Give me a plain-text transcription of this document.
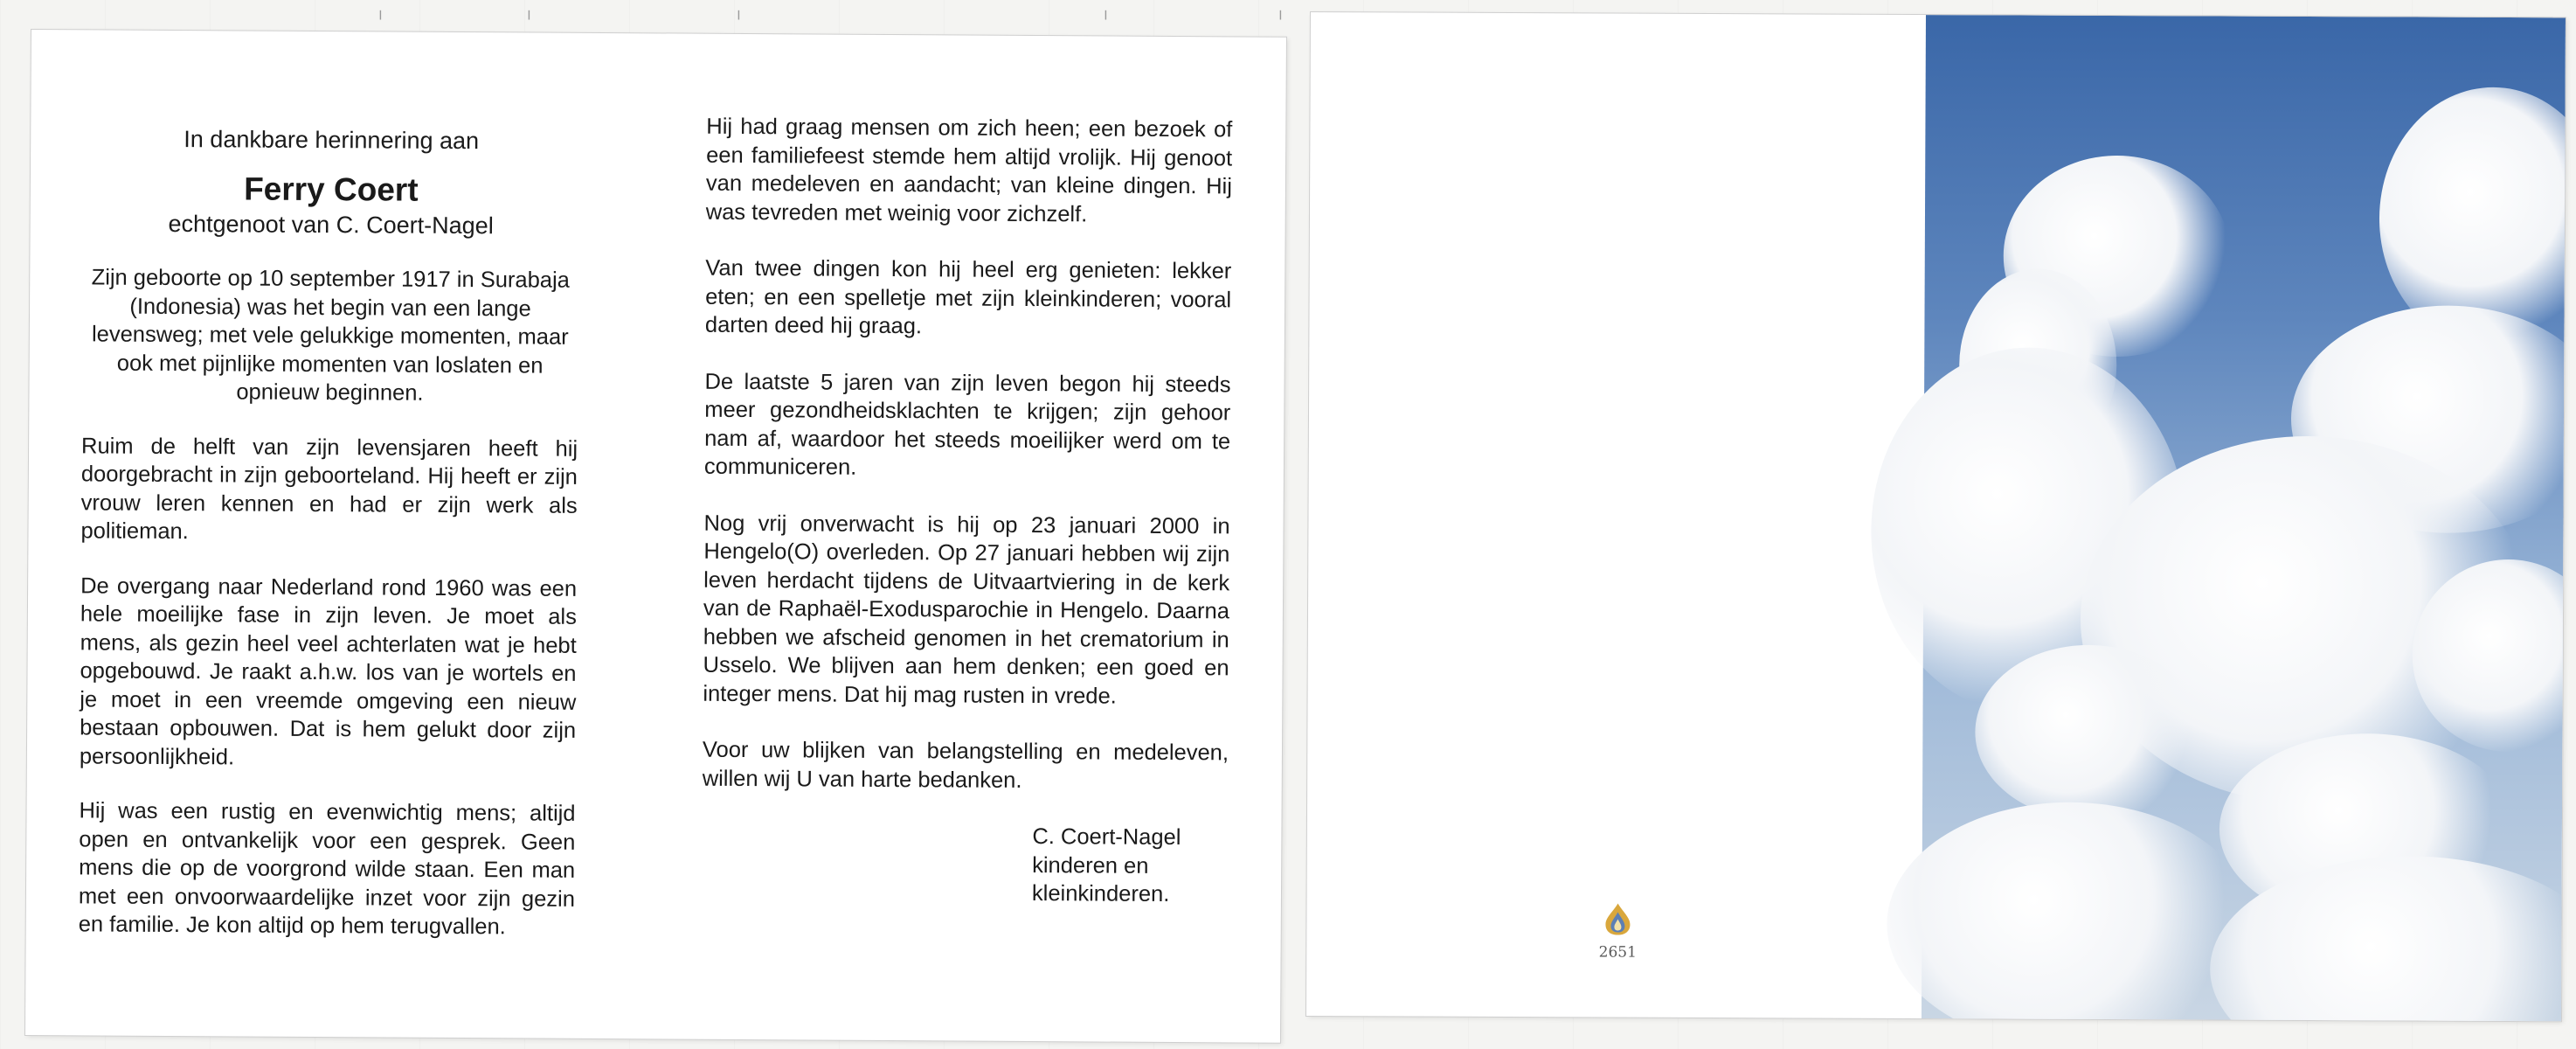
╷	╷	╷	╷	╷
In dankbare herinnering aan
Ferry Coert
echtgenoot van C. Coert-Nagel

Zijn geboorte op 10 september 1917 in Surabaja (Indonesia) was het begin van een lange levensweg; met vele gelukkige momenten, maar ook met pijnlijke momenten van loslaten en opnieuw beginnen.

Ruim de helft van zijn levensjaren heeft hij doorgebracht in zijn geboorteland. Hij heeft er zijn vrouw leren kennen en had er zijn werk als politieman.

De overgang naar Nederland rond 1960 was een hele moeilijke fase in zijn leven. Je moet als mens, als gezin heel veel achterlaten wat je hebt opgebouwd. Je raakt a.h.w. los van je wortels en je moet in een vreemde omgeving een nieuw bestaan opbouwen. Dat is hem gelukt door zijn persoonlijkheid.

Hij was een rustig en evenwichtig mens; altijd open en ontvankelijk voor een gesprek. Geen mens die op de voorgrond wilde staan. Een man met een onvoorwaardelijke inzet voor zijn gezin en familie. Je kon altijd op hem terugvallen.

Hij had graag mensen om zich heen; een bezoek of een familiefeest stemde hem altijd vrolijk. Hij genoot van medeleven en aandacht; van kleine dingen. Hij was tevreden met weinig voor zichzelf.

Van twee dingen kon hij heel erg genieten: lekker eten; en een spelletje met zijn kleinkinderen; vooral darten deed hij graag.

De laatste 5 jaren van zijn leven begon hij steeds meer gezondheidsklachten te krijgen; zijn gehoor nam af, waardoor het steeds moeilijker werd om te communiceren.

Nog vrij onverwacht is hij op 23 januari 2000 in Hengelo(O) overleden. Op 27 januari hebben wij zijn leven herdacht tijdens de Uitvaartviering in de kerk van de Raphaël-Exodusparochie in Hengelo. Daarna hebben we afscheid genomen in het crematorium in Usselo. We blijven aan hem denken; een goed en integer mens. Dat hij mag rusten in vrede.

Voor uw blijken van belangstelling en medeleven, willen wij U van harte bedanken.

C. Coert-Nagel
kinderen en
kleinkinderen.
2651
